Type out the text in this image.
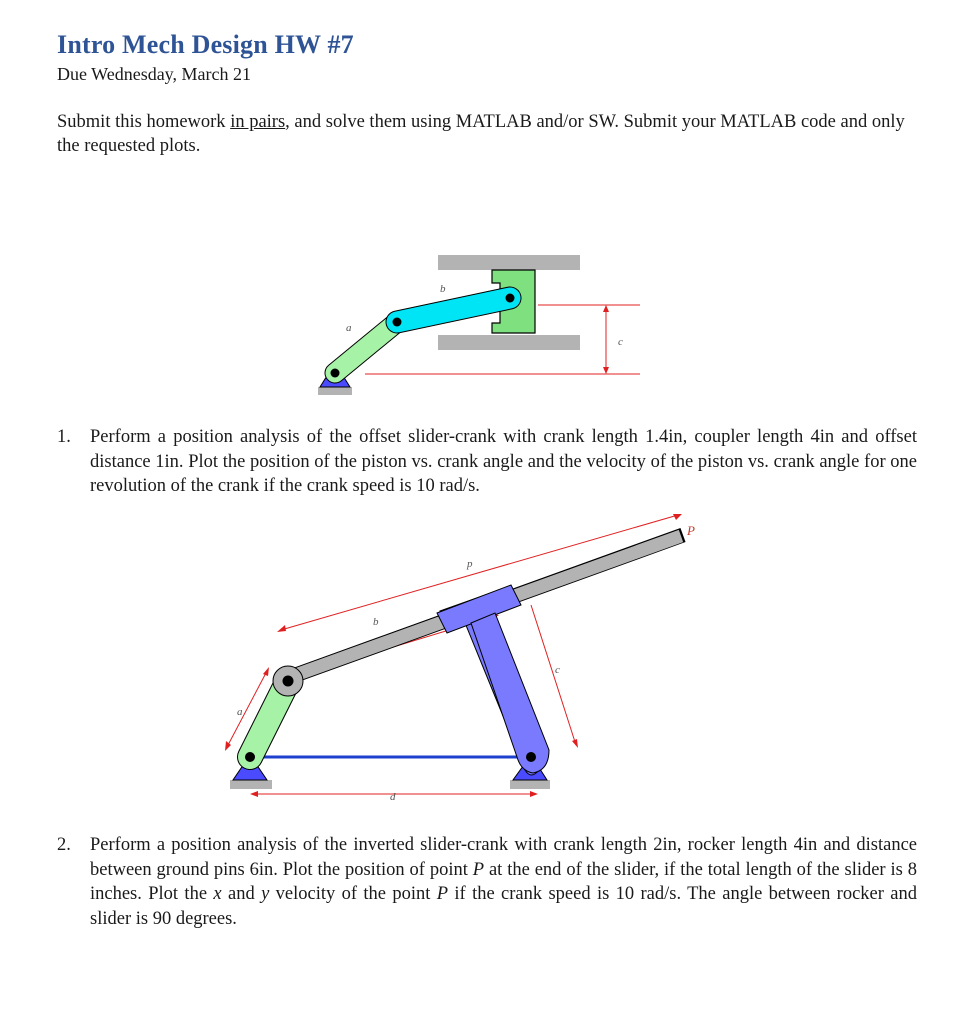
Intro Mech Design HW #7
Due Wednesday, March 21
Submit this homework in pairs, and solve them using MATLAB and/or SW. Submit your MATLAB code and only the requested plots.
a
b
c
1. Perform a position analysis of the offset slider-crank with crank length 1.4in, coupler length 4in and offset distance 1in. Plot the position of the piston vs. crank angle and the velocity of the piston vs. crank angle for one revolution of the crank if the crank speed is 10 rad/s.
p
b
a
c
d
P
2. Perform a position analysis of the inverted slider-crank with crank length 2in, rocker length 4in and distance between ground pins 6in. Plot the position of point P at the end of the slider, if the total length of the slider is 8 inches. Plot the x and y velocity of the point P if the crank speed is 10 rad/s. The angle between rocker and slider is 90 degrees.
